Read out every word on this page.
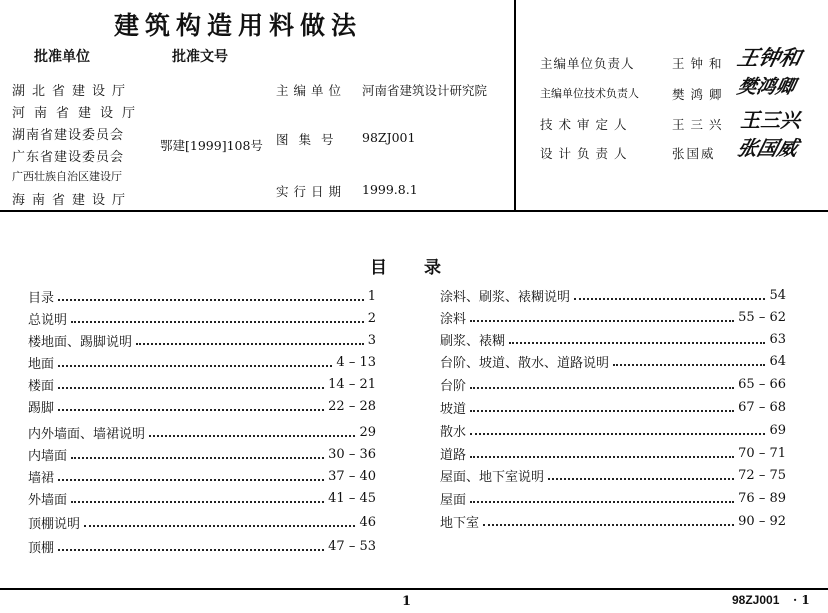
建筑构造用料做法
批准单位	批准文号
湖北省建设厅
河南省建设厅
湖南省建设委员会
广东省建设委员会
广西壮族自治区建设厅
海南省建设厅
鄂建[1999]108号
主编单位 河南省建筑设计研究院
图 集 号 98ZJ001
实行日期 1999.8.1
主编单位负责人	王钟和 王钟和
主编单位技术负责人	樊鸿卿 樊鸿卿
技术审定人	王三兴 王三兴
设计负责人	张国威 张国威
目　录
目录	1
总说明	2
楼地面、踢脚说明	3
地面	4 – 13
楼面	14 – 21
踢脚	22 – 28
内外墙面、墙裙说明	29
内墙面	30 – 36
墙裙	37 – 40
外墙面	41 – 45
顶棚说明	46
顶棚	47 – 53
涂料、刷浆、裱糊说明	54
涂料	55 – 62
刷浆、裱糊	63
台阶、坡道、散水、道路说明	64
台阶	65 – 66
坡道	67 – 68
散水	69
道路	70 – 71
屋面、地下室说明	72 – 75
屋面	76 – 89
地下室	90 – 92
1	98ZJ001 · 1
